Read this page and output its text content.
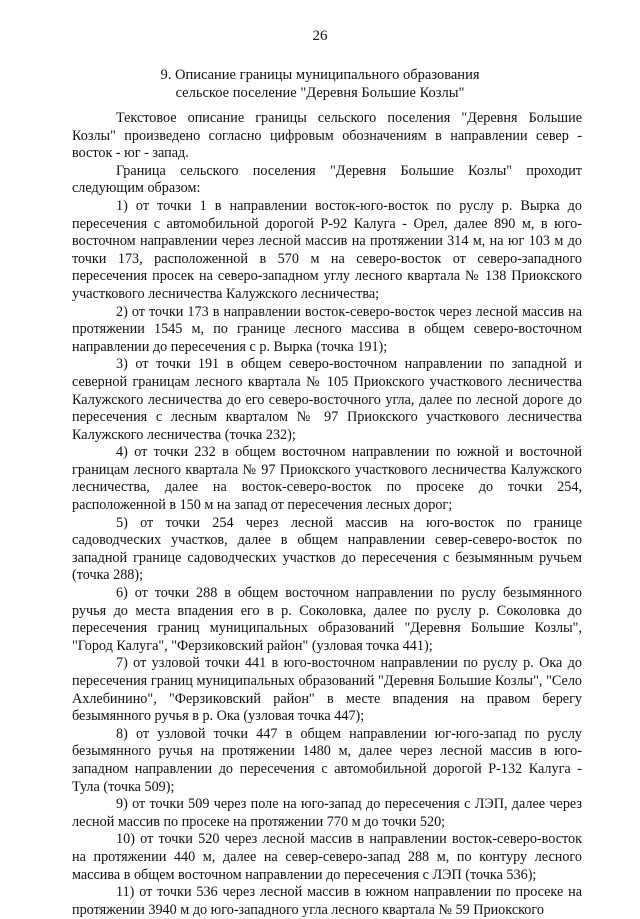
26
9. Описание границы муниципального образования
сельское поселение "Деревня Большие Козлы"

Текстовое описание границы сельского поселения "Деревня Большие Козлы" произведено согласно цифровым обозначениям в направлении север - восток - юг - запад.

Граница сельского поселения "Деревня Большие Козлы" проходит следующим образом:

1) от точки 1 в направлении восток-юго-восток по руслу р. Вырка до пересечения с автомобильной дорогой Р-92 Калуга - Орел, далее 890 м, в юго-восточном направлении через лесной массив на протяжении 314 м, на юг 103 м до точки 173, расположенной в 570 м на северо-восток от северо-западного пересечения просек на северо-западном углу лесного квартала № 138 Приокского участкового лесничества Калужского лесничества;

2) от точки 173 в направлении восток-северо-восток через лесной массив на протяжении 1545 м, по границе лесного массива в общем северо-восточном направлении до пересечения с р. Вырка (точка 191);

3) от точки 191 в общем северо-восточном направлении по западной и северной границам лесного квартала № 105 Приокского участкового лесничества Калужского лесничества до его северо-восточного угла, далее по лесной дороге до пересечения с лесным кварталом № 97 Приокского участкового лесничества Калужского лесничества (точка 232);

4) от точки 232 в общем восточном направлении по южной и восточной границам лесного квартала № 97 Приокского участкового лесничества Калужского лесничества, далее на восток-северо-восток по просеке до точки 254, расположенной в 150 м на запад от пересечения лесных дорог;

5) от точки 254 через лесной массив на юго-восток по границе садоводческих участков, далее в общем направлении север-северо-восток по западной границе садоводческих участков до пересечения с безымянным ручьем (точка 288);

6) от точки 288 в общем восточном направлении по руслу безымянного ручья до места впадения его в р. Соколовка, далее по руслу р. Соколовка до пересечения границ муниципальных образований "Деревня Большие Козлы", "Город Калуга", "Ферзиковский район" (узловая точка 441);

7) от узловой точки 441 в юго-восточном направлении по руслу р. Ока до пересечения границ муниципальных образований "Деревня Большие Козлы", "Село Ахлебинино", "Ферзиковский район" в месте впадения на правом берегу безымянного ручья в р. Ока (узловая точка 447);

8) от узловой точки 447 в общем направлении юг-юго-запад по руслу безымянного ручья на протяжении 1480 м, далее через лесной массив в юго-западном направлении до пересечения с автомобильной дорогой Р-132 Калуга - Тула (точка 509);

9) от точки 509 через поле на юго-запад до пересечения с ЛЭП, далее через лесной массив по просеке на протяжении 770 м до точки 520;

10) от точки 520 через лесной массив в направлении восток-северо-восток на протяжении 440 м, далее на север-северо-запад 288 м, по контуру лесного массива в общем восточном направлении до пересечения с ЛЭП (точка 536);

11) от точки 536 через лесной массив в южном направлении по просеке на протяжении 3940 м до юго-западного угла лесного квартала № 59 Приокского
